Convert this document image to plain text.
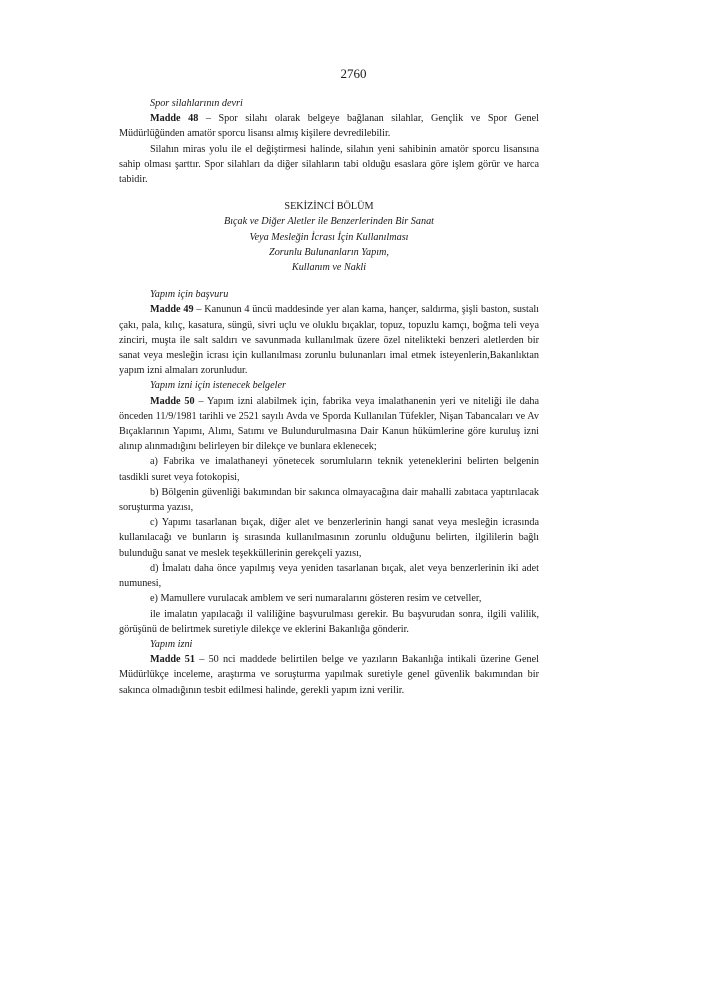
2760

Spor silahlarının devri

Madde 48 – Spor silahı olarak belgeye bağlanan silahlar, Gençlik ve Spor Genel Müdürlüğünden amatör sporcu lisansı almış kişilere devredilebilir.

Silahın miras yolu ile el değiştirmesi halinde, silahın yeni sahibinin amatör sporcu lisansına sahip olması şarttır. Spor silahları da diğer silahların tabi olduğu esaslara göre işlem görür ve harca tabidir.

SEKİZİNCİ BÖLÜM
Bıçak ve Diğer Aletler ile Benzerlerinden Bir Sanat
Veya Mesleğin İcrası İçin Kullanılması
Zorunlu Bulunanların Yapım,
Kullanım ve Nakli

Yapım için başvuru

Madde 49 – Kanunun 4 üncü maddesinde yer alan kama, hançer, saldırma, şişli baston, sustalı çakı, pala, kılıç, kasatura, süngü, sivri uçlu ve oluklu bıçaklar, topuz, topuzlu kamçı, boğma teli veya zinciri, muşta ile salt saldırı ve savunmada kullanılmak üzere özel nitelikteki benzeri aletlerden bir sanat veya mesleğin icrası için kullanılması zorunlu bulunanları imal etmek isteyenlerin,Bakanlıktan yapım izni almaları zorunludur.

Yapım izni için istenecek belgeler

Madde 50 – Yapım izni alabilmek için, fabrika veya imalathanenin yeri ve niteliği ile daha önceden 11/9/1981 tarihli ve 2521 sayılı Avda ve Sporda Kullanılan Tüfekler, Nişan Tabancaları ve Av Bıçaklarının Yapımı, Alımı, Satımı ve Bulundurulmasına Dair Kanun hükümlerine göre kuruluş izni alınıp alınmadığını belirleyen bir dilekçe ve bunlara eklenecek;

a) Fabrika ve imalathaneyi yönetecek sorumluların teknik yeteneklerini belirten belgenin tasdikli suret veya fotokopisi,

b) Bölgenin güvenliği bakımından bir sakınca olmayacağına dair mahalli zabıtaca yaptırılacak soruşturma yazısı,

c) Yapımı tasarlanan bıçak, diğer alet ve benzerlerinin hangi sanat veya mesleğin icrasında kullanılacağı ve bunların iş sırasında kullanılmasının zorunlu olduğunu belirten, ilgililerin bağlı bulunduğu sanat ve meslek teşekküllerinin gerekçeli yazısı,

d) İmalatı daha önce yapılmış veya yeniden tasarlanan bıçak, alet veya benzerlerinin iki adet numunesi,

e) Mamullere vurulacak amblem ve seri numaralarını gösteren resim ve cetveller,

ile imalatın yapılacağı il valiliğine başvurulması gerekir. Bu başvurudan sonra, ilgili valilik, görüşünü de belirtmek suretiyle dilekçe ve eklerini Bakanlığa gönderir.

Yapım izni

Madde 51 – 50 nci maddede belirtilen belge ve yazıların Bakanlığa intikali üzerine Genel Müdürlükçe inceleme, araştırma ve soruşturma yapılmak suretiyle genel güvenlik bakımından bir sakınca olmadığının tesbit edilmesi halinde, gerekli yapım izni verilir.
